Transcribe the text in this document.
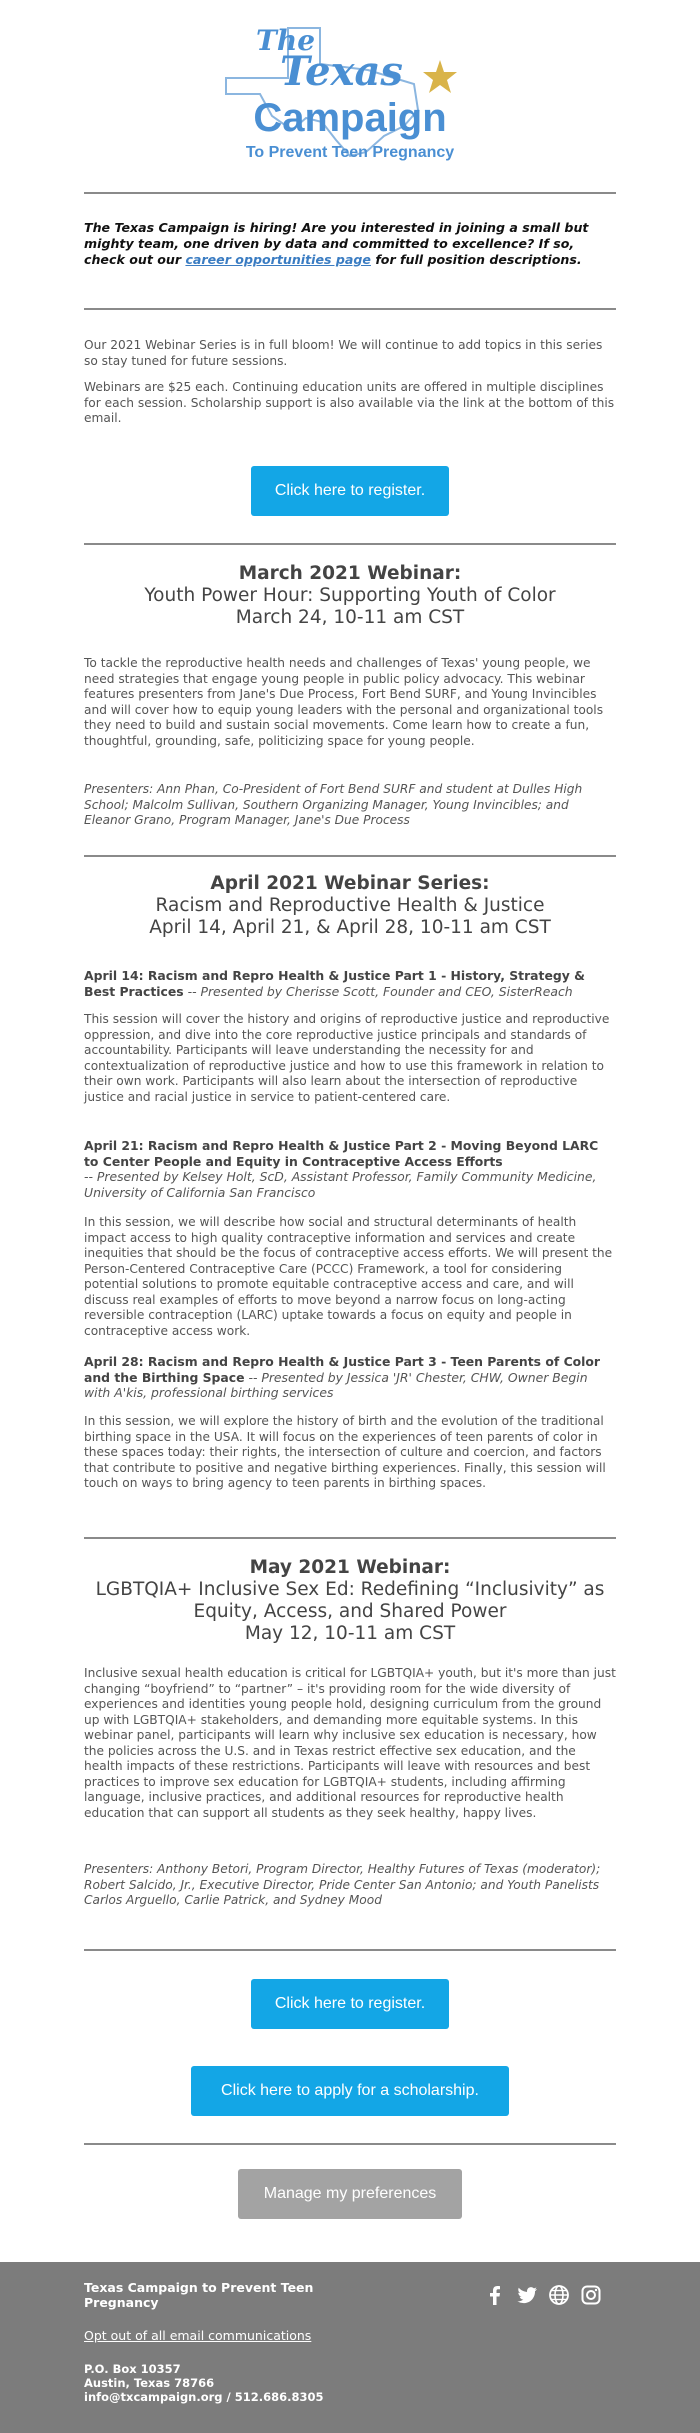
The
Texas
Campaign
To Prevent Teen Pregnancy
The Texas Campaign is hiring! Are you interested in joining a small but mighty team, one driven by data and committed to excellence? If so, check out our career opportunities page for full position descriptions.
Our 2021 Webinar Series is in full bloom! We will continue to add topics in this series so stay tuned for future sessions.
Webinars are $25 each. Continuing education units are offered in multiple disciplines for each session. Scholarship support is also available via the link at the bottom of this email.
Click here to register.
March 2021 Webinar:
Youth Power Hour: Supporting Youth of Color
March 24, 10-11 am CST
To tackle the reproductive health needs and challenges of Texas' young people, we need strategies that engage young people in public policy advocacy. This webinar features presenters from Jane's Due Process, Fort Bend SURF, and Young Invincibles and will cover how to equip young leaders with the personal and organizational tools they need to build and sustain social movements. Come learn how to create a fun, thoughtful, grounding, safe, politicizing space for young people.
Presenters: Ann Phan, Co-President of Fort Bend SURF and student at Dulles High School; Malcolm Sullivan, Southern Organizing Manager, Young Invincibles; and Eleanor Grano, Program Manager, Jane's Due Process
April 2021 Webinar Series:
Racism and Reproductive Health & Justice
April 14, April 21, & April 28, 10-11 am CST
April 14: Racism and Repro Health & Justice Part 1 - History, Strategy & Best Practices -- Presented by Cherisse Scott, Founder and CEO, SisterReach
This session will cover the history and origins of reproductive justice and reproductive oppression, and dive into the core reproductive justice principals and standards of accountability. Participants will leave understanding the necessity for and contextualization of reproductive justice and how to use this framework in relation to their own work. Participants will also learn about the intersection of reproductive justice and racial justice in service to patient-centered care.
April 21: Racism and Repro Health & Justice Part 2 - Moving Beyond LARC to Center People and Equity in Contraceptive Access Efforts
-- Presented by Kelsey Holt, ScD, Assistant Professor, Family Community Medicine, University of California San Francisco
In this session, we will describe how social and structural determinants of health impact access to high quality contraceptive information and services and create inequities that should be the focus of contraceptive access efforts. We will present the Person-Centered Contraceptive Care (PCCC) Framework, a tool for considering potential solutions to promote equitable contraceptive access and care, and will discuss real examples of efforts to move beyond a narrow focus on long-acting reversible contraception (LARC) uptake towards a focus on equity and people in contraceptive access work.
April 28: Racism and Repro Health & Justice Part 3 - Teen Parents of Color and the Birthing Space -- Presented by Jessica 'JR' Chester, CHW, Owner Begin with A'kis, professional birthing services
In this session, we will explore the history of birth and the evolution of the traditional birthing space in the USA. It will focus on the experiences of teen parents of color in these spaces today: their rights, the intersection of culture and coercion, and factors that contribute to positive and negative birthing experiences. Finally, this session will touch on ways to bring agency to teen parents in birthing spaces.
May 2021 Webinar:
LGBTQIA+ Inclusive Sex Ed: Redefining “Inclusivity” as Equity, Access, and Shared Power
May 12, 10-11 am CST
Inclusive sexual health education is critical for LGBTQIA+ youth, but it's more than just changing “boyfriend” to “partner” – it's providing room for the wide diversity of experiences and identities young people hold, designing curriculum from the ground up with LGBTQIA+ stakeholders, and demanding more equitable systems. In this webinar panel, participants will learn why inclusive sex education is necessary, how the policies across the U.S. and in Texas restrict effective sex education, and the health impacts of these restrictions. Participants will leave with resources and best practices to improve sex education for LGBTQIA+ students, including affirming language, inclusive practices, and additional resources for reproductive health education that can support all students as they seek healthy, happy lives.
Presenters: Anthony Betori, Program Director, Healthy Futures of Texas (moderator); Robert Salcido, Jr., Executive Director, Pride Center San Antonio; and Youth Panelists Carlos Arguello, Carlie Patrick, and Sydney Mood
Click here to register.
Click here to apply for a scholarship.
Manage my preferences
Texas Campaign to Prevent Teen Pregnancy
Opt out of all email communications
P.O. Box 10357
Austin, Texas 78766
info@txcampaign.org / 512.686.8305
